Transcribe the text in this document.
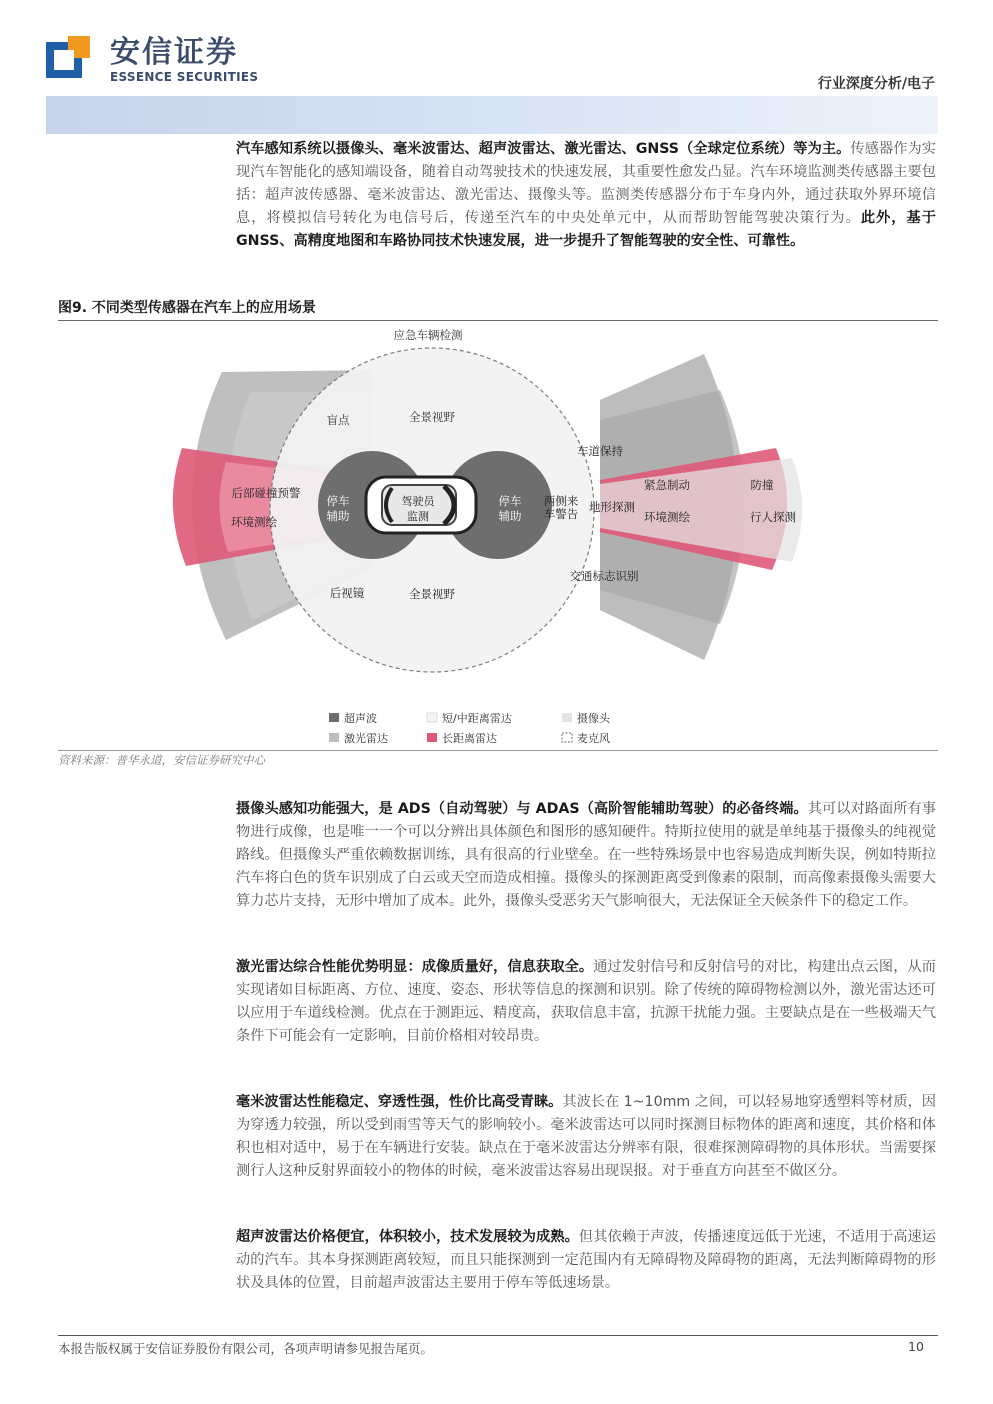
安信证券
ESSENCE SECURITIES	行业深度分析/电子

汽车感知系统以摄像头、毫米波雷达、超声波雷达、激光雷达、GNSS（全球定位系统）等为主。传感器作为实现汽车智能化的感知端设备，随着自动驾驶技术的快速发展，其重要性愈发凸显。汽车环境监测类传感器主要包括：超声波传感器、毫米波雷达、激光雷达、摄像头等。监测类传感器分布于车身内外，通过获取外界环境信息，将模拟信号转化为电信号后，传递至汽车的中央处单元中，从而帮助智能驾驶决策行为。此外，基于 GNSS、高精度地图和车路协同技术快速发展，进一步提升了智能驾驶的安全性、可靠性。

图9. 不同类型传感器在汽车上的应用场景
应急车辆检测
盲点	全景视野
后部碰撞预警
环境测绘
停车
辅助
驾驶员
监测
停车
辅助
两侧来
车警告
车道保持
地形探测
紧急制动	防撞
环境测绘	行人探测
交通标志识别
后视镜	全景视野
超声波	短/中距离雷达	摄像头
激光雷达	长距离雷达	麦克风
资料来源：普华永道，安信证券研究中心

摄像头感知功能强大，是 ADS（自动驾驶）与 ADAS（高阶智能辅助驾驶）的必备终端。其可以对路面所有事物进行成像，也是唯一一个可以分辨出具体颜色和图形的感知硬件。特斯拉使用的就是单纯基于摄像头的纯视觉路线。但摄像头严重依赖数据训练，具有很高的行业壁垒。在一些特殊场景中也容易造成判断失误，例如特斯拉汽车将白色的货车识别成了白云或天空而造成相撞。摄像头的探测距离受到像素的限制，而高像素摄像头需要大算力芯片支持，无形中增加了成本。此外，摄像头受恶劣天气影响很大，无法保证全天候条件下的稳定工作。

激光雷达综合性能优势明显：成像质量好，信息获取全。通过发射信号和反射信号的对比，构建出点云图，从而实现诸如目标距离、方位、速度、姿态、形状等信息的探测和识别。除了传统的障碍物检测以外，激光雷达还可以应用于车道线检测。优点在于测距远、精度高，获取信息丰富，抗源干扰能力强。主要缺点是在一些极端天气条件下可能会有一定影响，目前价格相对较昂贵。

毫米波雷达性能稳定、穿透性强，性价比高受青睐。其波长在 1~10mm 之间，可以轻易地穿透塑料等材质，因为穿透力较强，所以受到雨雪等天气的影响较小。毫米波雷达可以同时探测目标物体的距离和速度，其价格和体积也相对适中，易于在车辆进行安装。缺点在于毫米波雷达分辨率有限，很难探测障碍物的具体形状。当需要探测行人这种反射界面较小的物体的时候，毫米波雷达容易出现误报。对于垂直方向甚至不做区分。

超声波雷达价格便宜，体积较小，技术发展较为成熟。但其依赖于声波，传播速度远低于光速，不适用于高速运动的汽车。其本身探测距离较短，而且只能探测到一定范围内有无障碍物及障碍物的距离，无法判断障碍物的形状及具体的位置，目前超声波雷达主要用于停车等低速场景。

本报告版权属于安信证券股份有限公司，各项声明请参见报告尾页。	10
